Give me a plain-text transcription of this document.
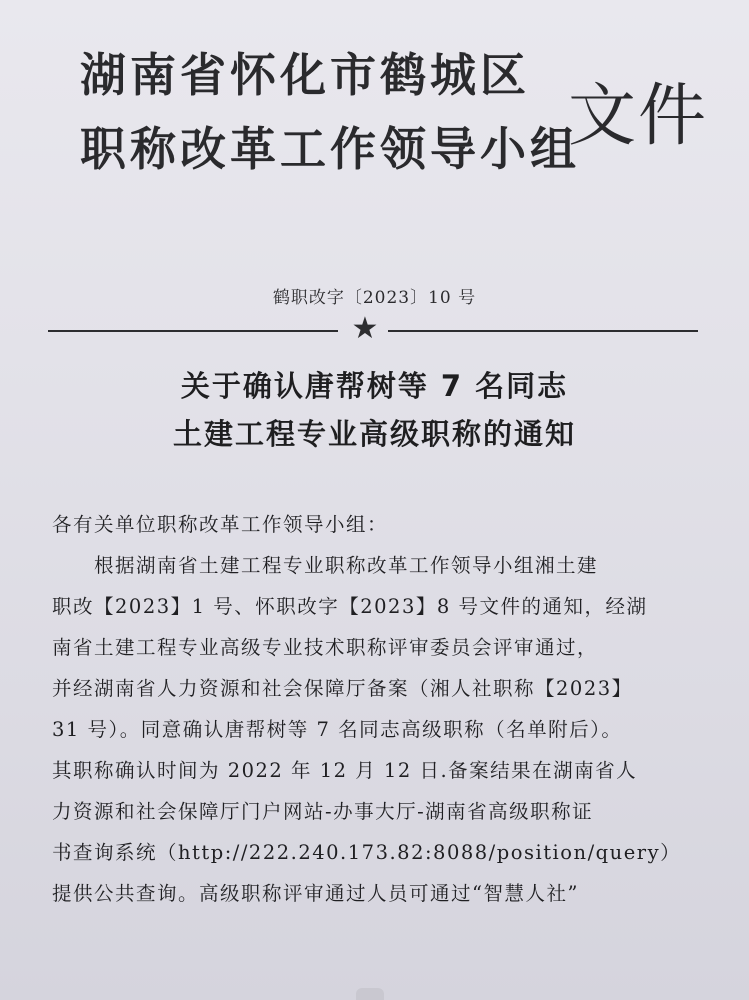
湖南省怀化市鹤城区
职称改革工作领导小组
文件
鹤职改字〔2023〕10 号
★
关于确认唐帮树等 7 名同志
土建工程专业高级职称的通知
各有关单位职称改革工作领导小组：
根据湖南省土建工程专业职称改革工作领导小组湘土建
职改【2023】1 号、怀职改字【2023】8 号文件的通知，经湖
南省土建工程专业高级专业技术职称评审委员会评审通过，
并经湖南省人力资源和社会保障厅备案（湘人社职称【2023】
31 号）。同意确认唐帮树等 7 名同志高级职称（名单附后）。
其职称确认时间为 2022 年 12 月 12 日.备案结果在湖南省人
力资源和社会保障厅门户网站-办事大厅-湖南省高级职称证
书查询系统（http://222.240.173.82:8088/position/query）
提供公共查询。高级职称评审通过人员可通过“智慧人社”
